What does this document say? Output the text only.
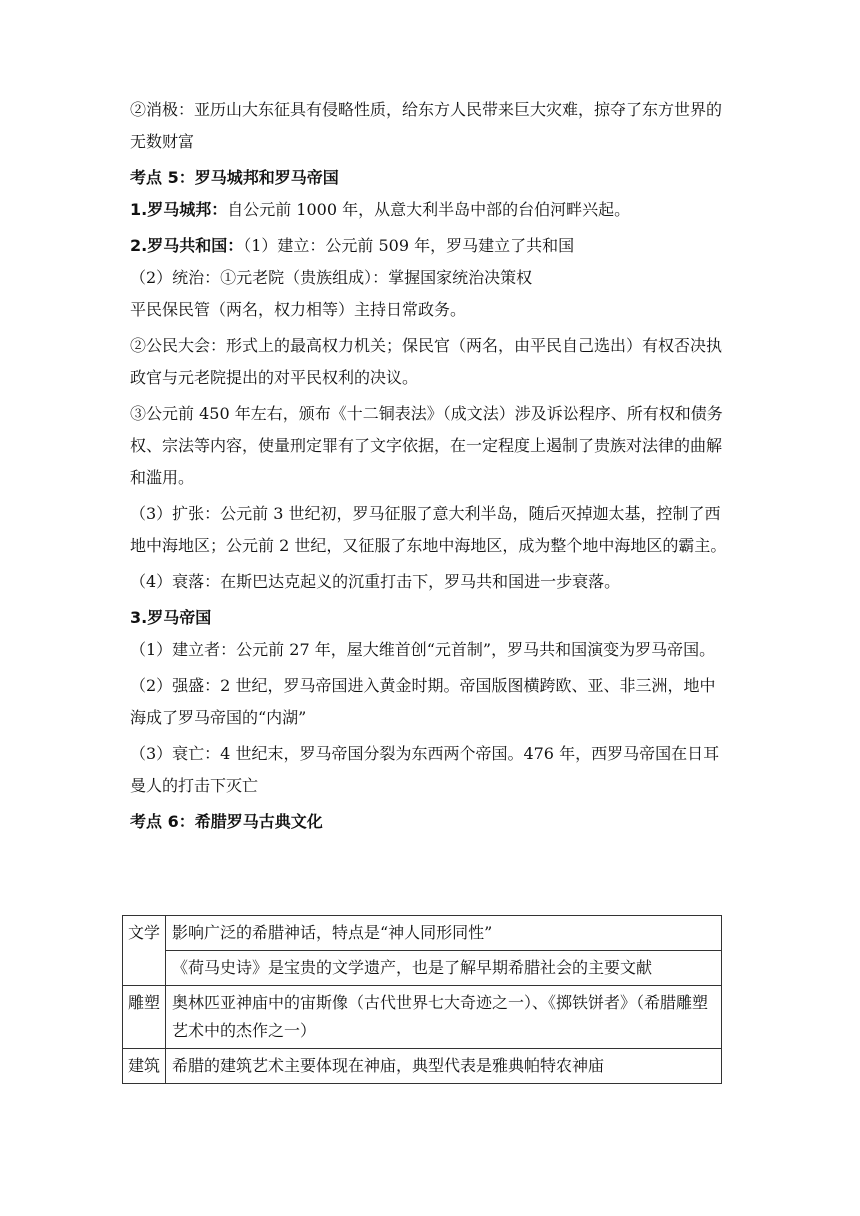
②消极：亚历山大东征具有侵略性质，给东方人民带来巨大灾难，掠夺了东方世界的无数财富

考点 5：罗马城邦和罗马帝国

1.罗马城邦：自公元前 1000 年，从意大利半岛中部的台伯河畔兴起。

2.罗马共和国：（1）建立：公元前 509 年，罗马建立了共和国

（2）统治：①元老院（贵族组成）：掌握国家统治决策权

平民保民管（两名，权力相等）主持日常政务。

②公民大会：形式上的最高权力机关；保民官（两名，由平民自己选出）有权否决执政官与元老院提出的对平民权利的决议。

③公元前 450 年左右，颁布《十二铜表法》（成文法）涉及诉讼程序、所有权和债务权、宗法等内容，使量刑定罪有了文字依据，在一定程度上遏制了贵族对法律的曲解和滥用。

（3）扩张：公元前 3 世纪初，罗马征服了意大利半岛，随后灭掉迦太基，控制了西地中海地区；公元前 2 世纪，又征服了东地中海地区，成为整个地中海地区的霸主。

（4）衰落：在斯巴达克起义的沉重打击下，罗马共和国进一步衰落。

3.罗马帝国

（1）建立者：公元前 27 年，屋大维首创“元首制”，罗马共和国演变为罗马帝国。

（2）强盛：2 世纪，罗马帝国进入黄金时期。帝国版图横跨欧、亚、非三洲，地中海成了罗马帝国的“内湖”

（3）衰亡：4 世纪末，罗马帝国分裂为东西两个帝国。476 年，西罗马帝国在日耳曼人的打击下灭亡

考点 6：希腊罗马古典文化

文学	影响广泛的希腊神话，特点是“神人同形同性”
	《荷马史诗》是宝贵的文学遗产，也是了解早期希腊社会的主要文献
雕塑	奥林匹亚神庙中的宙斯像（古代世界七大奇迹之一）、《掷铁饼者》（希腊雕塑艺术中的杰作之一）
建筑	希腊的建筑艺术主要体现在神庙，典型代表是雅典帕特农神庙
